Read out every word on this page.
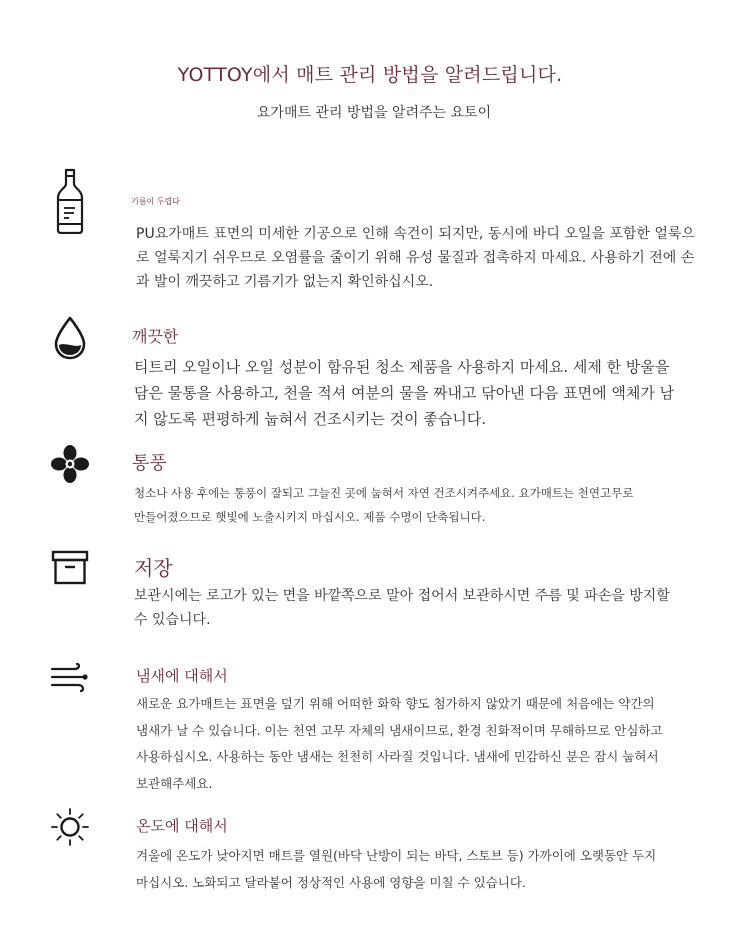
YOTTOY에서 매트 관리 방법을 알려드립니다.
요가매트 관리 방법을 알려주는 요토이
기름이 두렵다
PU요가매트 표면의 미세한 기공으로 인해 속건이 되지만, 동시에 바디 오일을 포함한 얼룩으로 얼룩지기 쉬우므로 오염률을 줄이기 위해 유성 물질과 접촉하지 마세요. 사용하기 전에 손과 발이 깨끗하고 기름기가 없는지 확인하십시오.
깨끗한
티트리 오일이나 오일 성분이 함유된 청소 제품을 사용하지 마세요. 세제 한 방울을 담은 물통을 사용하고, 천을 적셔 여분의 물을 짜내고 닦아낸 다음 표면에 액체가 남지 않도록 편평하게 눕혀서 건조시키는 것이 좋습니다.
통풍
청소나 사용 후에는 통풍이 잘되고 그늘진 곳에 눕혀서 자연 건조시켜주세요. 요가매트는 천연고무로 만들어졌으므로 햇빛에 노출시키지 마십시오. 제품 수명이 단축됩니다.
저장
보관시에는 로고가 있는 면을 바깥쪽으로 말아 접어서 보관하시면 주름 및 파손을 방지할 수 있습니다.
냄새에 대해서
새로운 요가매트는 표면을 덮기 위해 어떠한 화학 향도 첨가하지 않았기 때문에 처음에는 약간의 냄새가 날 수 있습니다. 이는 천연 고무 자체의 냄새이므로, 환경 친화적이며 무해하므로 안심하고 사용하십시오. 사용하는 동안 냄새는 천천히 사라질 것입니다. 냄새에 민감하신 분은 잠시 눕혀서 보관해주세요.
온도에 대해서
겨울에 온도가 낮아지면 매트를 열원(바닥 난방이 되는 바닥, 스토브 등) 가까이에 오랫동안 두지 마십시오. 노화되고 달라붙어 정상적인 사용에 영향을 미칠 수 있습니다.
